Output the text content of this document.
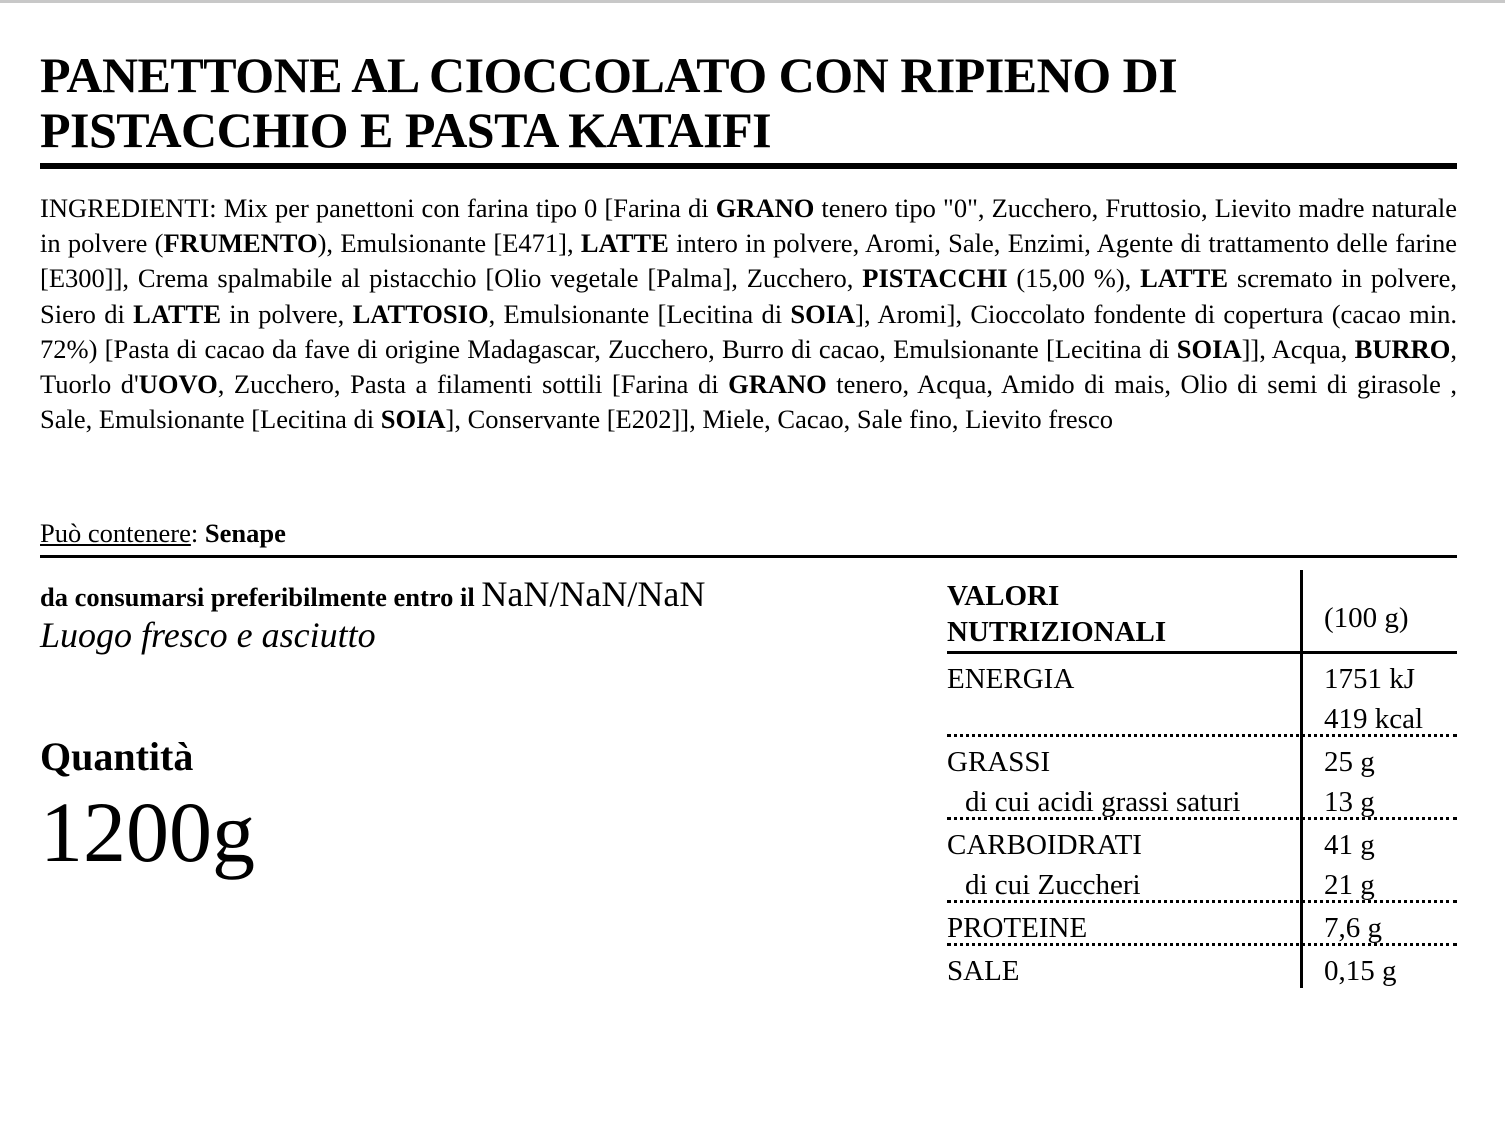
PANETTONE AL CIOCCOLATO CON RIPIENO DI
PISTACCHIO E PASTA KATAIFI

INGREDIENTI: Mix per panettoni con farina tipo 0 [Farina di GRANO tenero tipo "0", Zucchero, Fruttosio, Lievito madre naturale in polvere (FRUMENTO), Emulsionante [E471], LATTE intero in polvere, Aromi, Sale, Enzimi, Agente di trattamento delle farine [E300]], Crema spalmabile al pistacchio [Olio vegetale [Palma], Zucchero, PISTACCHI (15,00 %), LATTE scremato in polvere, Siero di LATTE in polvere, LATTOSIO, Emulsionante [Lecitina di SOIA], Aromi], Cioccolato fondente di copertura (cacao min. 72%) [Pasta di cacao da fave di origine Madagascar, Zucchero, Burro di cacao, Emulsionante [Lecitina di SOIA]], Acqua, BURRO, Tuorlo d'UOVO, Zucchero, Pasta a filamenti sottili [Farina di GRANO tenero, Acqua, Amido di mais, Olio di semi di girasole , Sale, Emulsionante [Lecitina di SOIA], Conservante [E202]], Miele, Cacao, Sale fino, Lievito fresco

Può contenere: Senape
da consumarsi preferibilmente entro il NaN/NaN/NaN
Luogo fresco e asciutto
Quantità
1200g
VALORI
NUTRIZIONALI	(100 g)
ENERGIA	1751 kJ
419 kcal
GRASSI	25 g
di cui acidi grassi saturi	13 g
CARBOIDRATI	41 g
di cui Zuccheri	21 g
PROTEINE	7,6 g
SALE	0,15 g
